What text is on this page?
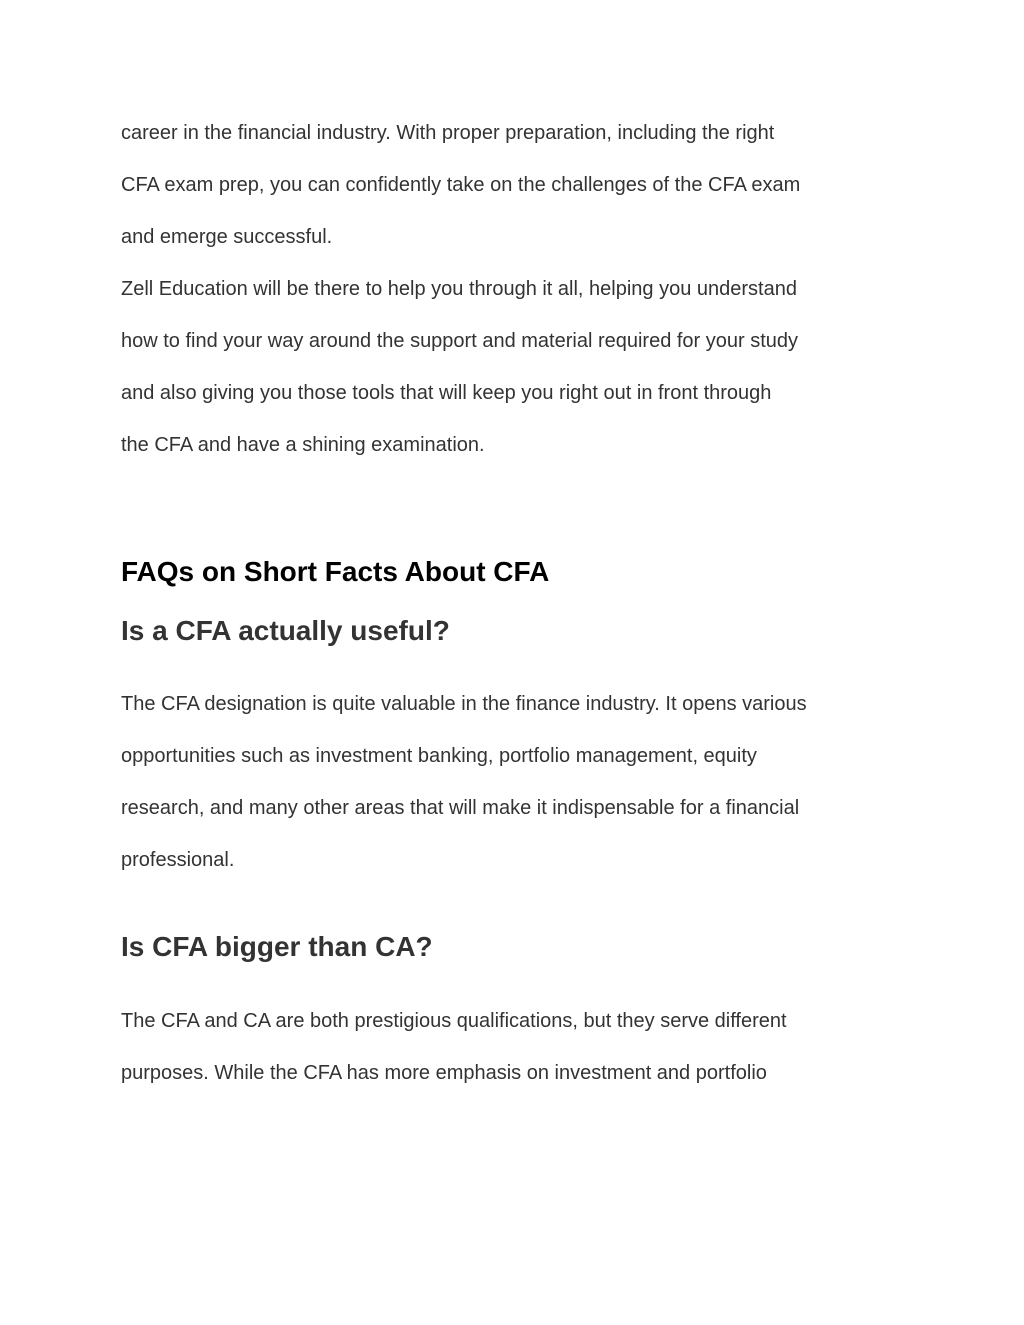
career in the financial industry. With proper preparation, including the right
CFA exam prep, you can confidently take on the challenges of the CFA exam
and emerge successful.
Zell Education will be there to help you through it all, helping you understand
how to find your way around the support and material required for your study
and also giving you those tools that will keep you right out in front through
the CFA and have a shining examination.
FAQs on Short Facts About CFA
Is a CFA actually useful?
The CFA designation is quite valuable in the finance industry. It opens various
opportunities such as investment banking, portfolio management, equity
research, and many other areas that will make it indispensable for a financial
professional.
Is CFA bigger than CA?
The CFA and CA are both prestigious qualifications, but they serve different
purposes. While the CFA has more emphasis on investment and portfolio
